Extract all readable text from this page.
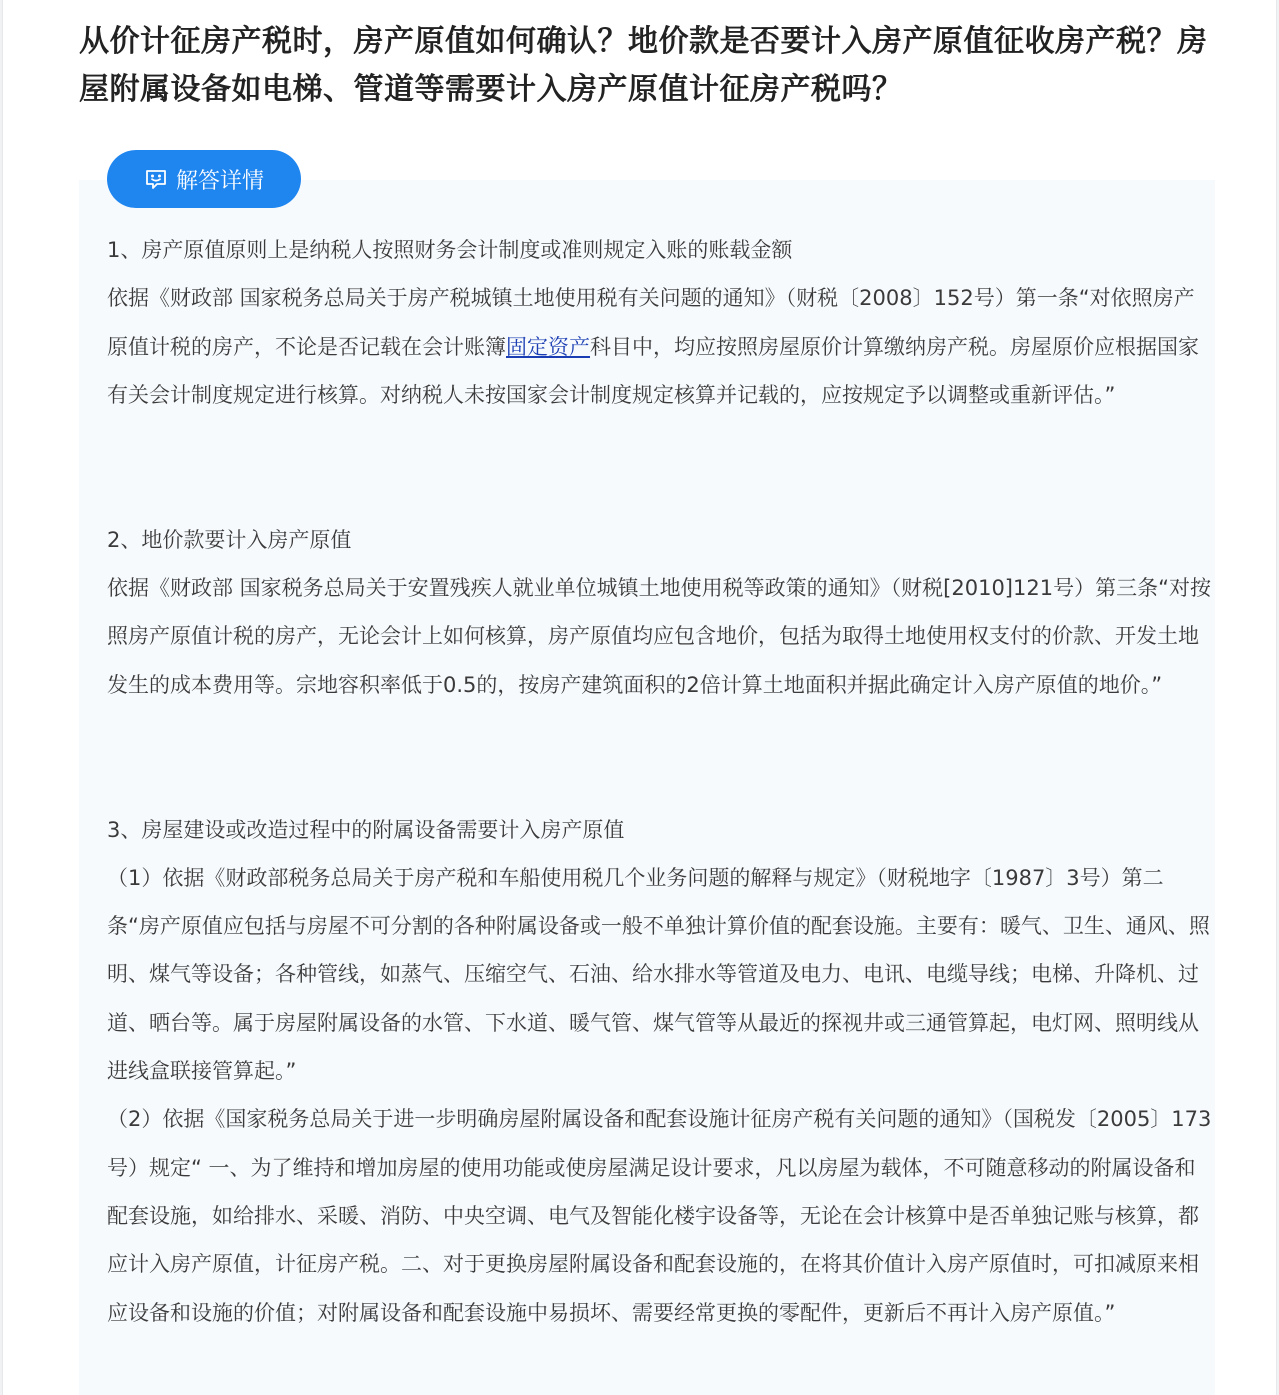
从价计征房产税时，房产原值如何确认？地价款是否要计入房产原值征收房产税？房屋附属设备如电梯、管道等需要计入房产原值计征房产税吗？
解答详情

1、房产原值原则上是纳税人按照财务会计制度或准则规定入账的账载金额

依据《财政部 国家税务总局关于房产税城镇土地使用税有关问题的通知》（财税〔2008〕152号）第一条“对依照房产原值计税的房产，不论是否记载在会计账簿固定资产科目中，均应按照房屋原价计算缴纳房产税。房屋原价应根据国家有关会计制度规定进行核算。对纳税人未按国家会计制度规定核算并记载的，应按规定予以调整或重新评估。”

2、地价款要计入房产原值

依据《财政部 国家税务总局关于安置残疾人就业单位城镇土地使用税等政策的通知》（财税[2010]121号）第三条“对按照房产原值计税的房产，无论会计上如何核算，房产原值均应包含地价，包括为取得土地使用权支付的价款、开发土地发生的成本费用等。宗地容积率低于0.5的，按房产建筑面积的2倍计算土地面积并据此确定计入房产原值的地价。”

3、房屋建设或改造过程中的附属设备需要计入房产原值

（1）依据《财政部税务总局关于房产税和车船使用税几个业务问题的解释与规定》（财税地字〔1987〕3号）第二条“房产原值应包括与房屋不可分割的各种附属设备或一般不单独计算价值的配套设施。主要有：暖气、卫生、通风、照明、煤气等设备；各种管线，如蒸气、压缩空气、石油、给水排水等管道及电力、电讯、电缆导线；电梯、升降机、过道、晒台等。属于房屋附属设备的水管、下水道、暖气管、煤气管等从最近的探视井或三通管算起，电灯网、照明线从进线盒联接管算起。”

（2）依据《国家税务总局关于进一步明确房屋附属设备和配套设施计征房产税有关问题的通知》（国税发〔2005〕173号）规定“ 一、为了维持和增加房屋的使用功能或使房屋满足设计要求，凡以房屋为载体，不可随意移动的附属设备和配套设施，如给排水、采暖、消防、中央空调、电气及智能化楼宇设备等，无论在会计核算中是否单独记账与核算，都应计入房产原值，计征房产税。二、对于更换房屋附属设备和配套设施的，在将其价值计入房产原值时，可扣减原来相应设备和设施的价值；对附属设备和配套设施中易损坏、需要经常更换的零配件，更新后不再计入房产原值。”
